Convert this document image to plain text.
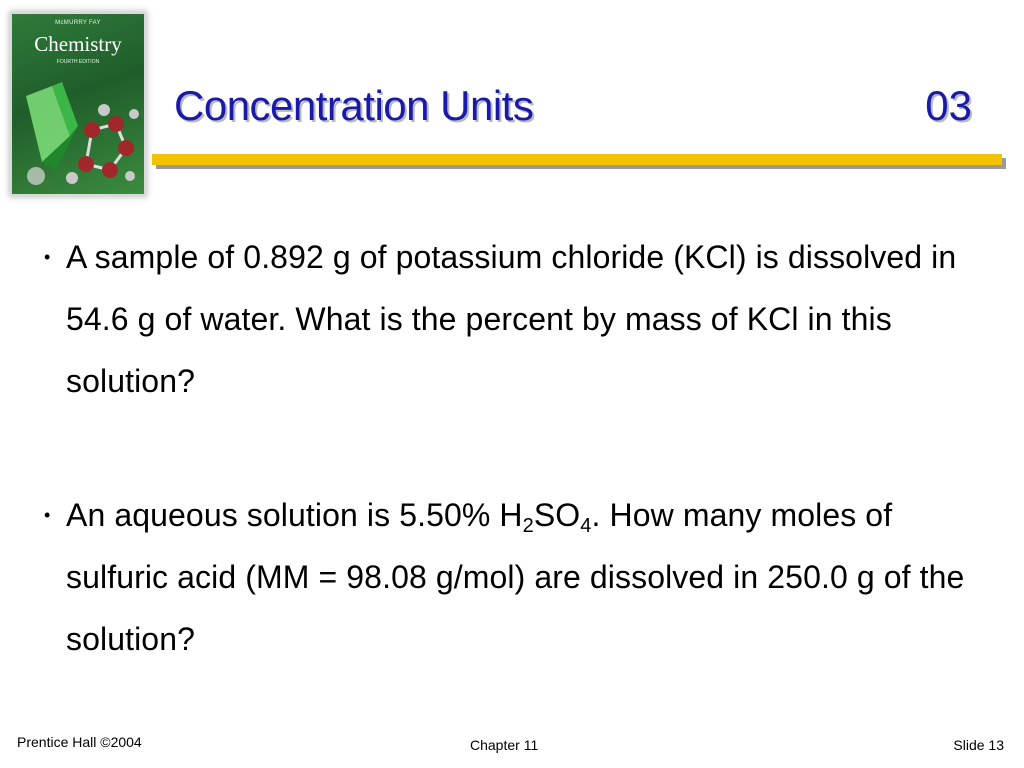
McMURRY FAY
Chemistry
FOURTH EDITION
Concentration Units	03
• A sample of 0.892 g of potassium chloride (KCl) is dissolved in 54.6 g of water. What is the percent by mass of KCl in this solution?
• An aqueous solution is 5.50% $H_2SO_4$. How many moles of sulfuric acid (MM = 98.08 g/mol) are dissolved in 250.0 g of the solution?
Prentice Hall ©2004	Chapter 11	Slide 13
